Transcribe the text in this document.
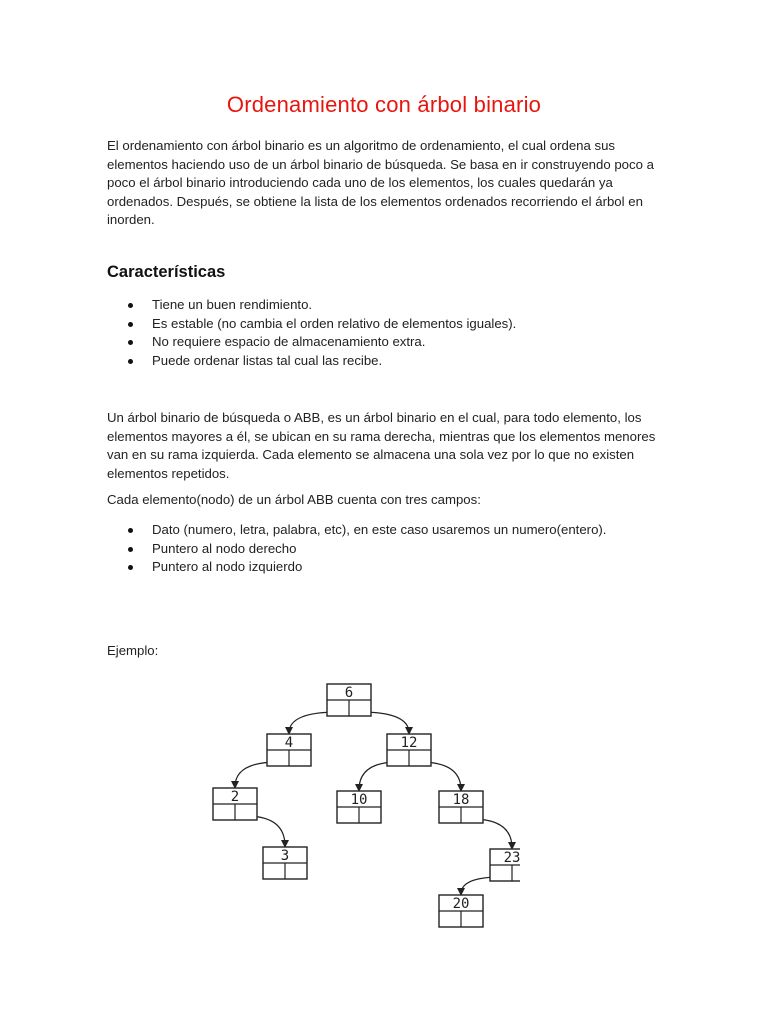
Ordenamiento con árbol binario

El ordenamiento con árbol binario es un algoritmo de ordenamiento, el cual ordena sus elementos haciendo uso de un árbol binario de búsqueda. Se basa en ir construyendo poco a poco el árbol binario introduciendo cada uno de los elementos, los cuales quedarán ya ordenados. Después, se obtiene la lista de los elementos ordenados recorriendo el árbol en inorden.

Características
Tiene un buen rendimiento.
Es estable (no cambia el orden relativo de elementos iguales).
No requiere espacio de almacenamiento extra.
Puede ordenar listas tal cual las recibe.

Un árbol binario de búsqueda o ABB, es un árbol binario en el cual, para todo elemento, los elementos mayores a él, se ubican en su rama derecha, mientras que los elementos menores van en su rama izquierda. Cada elemento se almacena una sola vez por lo que no existen elementos repetidos.

Cada elemento(nodo) de un árbol ABB cuenta con tres campos:

Dato (numero, letra, palabra, etc), en este caso usaremos un numero(entero).
Puntero al nodo derecho
Puntero al nodo izquierdo

Ejemplo:

6
4	12
2	10	18
3	23
20
